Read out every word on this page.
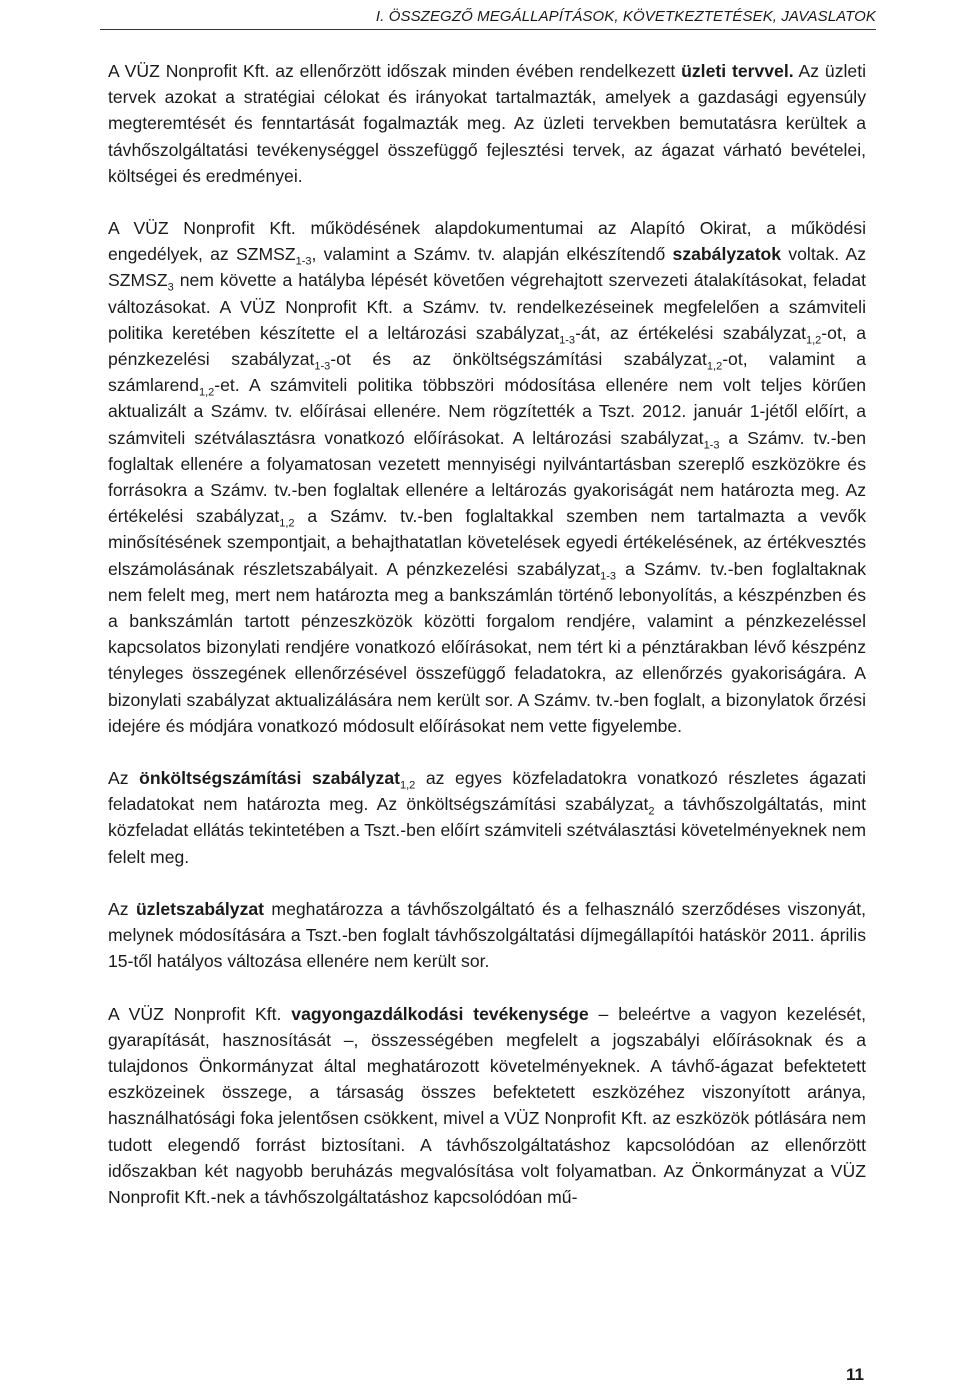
I. ÖSSZEGZŐ MEGÁLLAPÍTÁSOK, KÖVETKEZTETÉSEK, JAVASLATOK

A VÜZ Nonprofit Kft. az ellenőrzött időszak minden évében rendelkezett üzleti tervvel. Az üzleti tervek azokat a stratégiai célokat és irányokat tartalmazták, amelyek a gazdasági egyensúly megteremtését és fenntartását fogalmazták meg. Az üzleti tervekben bemutatásra kerültek a távhőszolgáltatási tevékenységgel összefüggő fejlesztési tervek, az ágazat várható bevételei, költségei és eredményei.

A VÜZ Nonprofit Kft. működésének alapdokumentumai az Alapító Okirat, a működési engedélyek, az $SZMSZ_{1-3}$, valamint a Számv. tv. alapján elkészítendő szabályzatok voltak. Az $SZMSZ_3$ nem követte a hatályba lépését követően végrehajtott szervezeti átalakításokat, feladat változásokat. A VÜZ Nonprofit Kft. a Számv. tv. rendelkezéseinek megfelelően a számviteli politika keretében készítette el a leltározási szabályzat$_{1-3}$-át, az értékelési szabályzat$_{1,2}$-ot, a pénzkezelési szabályzat$_{1-3}$-ot és az önköltségszámítási szabályzat$_{1,2}$-ot, valamint a számlarend$_{1,2}$-et. A számviteli politika többszöri módosítása ellenére nem volt teljes körűen aktualizált a Számv. tv. előírásai ellenére. Nem rögzítették a Tszt. 2012. január 1-jétől előírt, a számviteli szétválasztásra vonatkozó előírásokat. A leltározási szabályzat$_{1-3}$ a Számv. tv.-ben foglaltak ellenére a folyamatosan vezetett mennyiségi nyilvántartásban szereplő eszközökre és forrásokra a Számv. tv.-ben foglaltak ellenére a leltározás gyakoriságát nem határozta meg. Az értékelési szabályzat$_{1,2}$ a Számv. tv.-ben foglaltakkal szemben nem tartalmazta a vevők minősítésének szempontjait, a behajthatatlan követelések egyedi értékelésének, az értékvesztés elszámolásának részletszabályait. A pénzkezelési szabályzat$_{1-3}$ a Számv. tv.-ben foglaltaknak nem felelt meg, mert nem határozta meg a bankszámlán történő lebonyolítás, a készpénzben és a bankszámlán tartott pénzeszközök közötti forgalom rendjére, valamint a pénzkezeléssel kapcsolatos bizonylati rendjére vonatkozó előírásokat, nem tért ki a pénztárakban lévő készpénz tényleges összegének ellenőrzésével összefüggő feladatokra, az ellenőrzés gyakoriságára. A bizonylati szabályzat aktualizálására nem került sor. A Számv. tv.-ben foglalt, a bizonylatok őrzési idejére és módjára vonatkozó módosult előírásokat nem vette figyelembe.

Az önköltségszámítási szabályzat$_{1,2}$ az egyes közfeladatokra vonatkozó részletes ágazati feladatokat nem határozta meg. Az önköltségszámítási szabályzat$_2$ a távhőszolgáltatás, mint közfeladat ellátás tekintetében a Tszt.-ben előírt számviteli szétválasztási követelményeknek nem felelt meg.

Az üzletszabályzat meghatározza a távhőszolgáltató és a felhasználó szerződéses viszonyát, melynek módosítására a Tszt.-ben foglalt távhőszolgáltatási díjmegállapítói hatáskör 2011. április 15-től hatályos változása ellenére nem került sor.

A VÜZ Nonprofit Kft. vagyongazdálkodási tevékenysége – beleértve a vagyon kezelését, gyarapítását, hasznosítását –, összességében megfelelt a jogszabályi előírásoknak és a tulajdonos Önkormányzat által meghatározott követelményeknek. A távhő-ágazat befektetett eszközeinek összege, a társaság összes befektetett eszközéhez viszonyított aránya, használhatósági foka jelentősen csökkent, mivel a VÜZ Nonprofit Kft. az eszközök pótlására nem tudott elegendő forrást biztosítani. A távhőszolgáltatáshoz kapcsolódóan az ellenőrzött időszakban két nagyobb beruházás megvalósítása volt folyamatban. Az Önkormányzat a VÜZ Nonprofit Kft.-nek a távhőszolgáltatáshoz kapcsolódóan mű-

11
